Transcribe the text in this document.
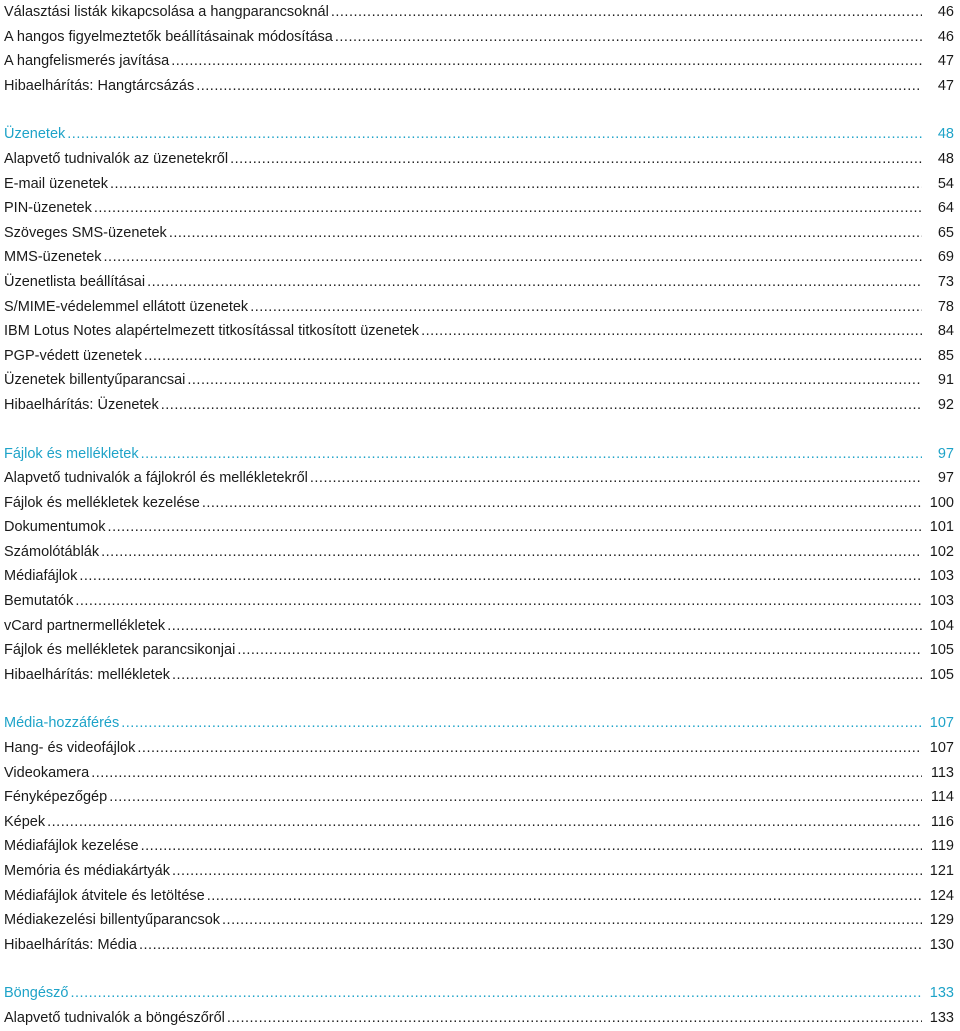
Választási listák kikapcsolása a hangparancsoknál .....	46
A hangos figyelmeztetők beállításainak módosítása .....	46
A hangfelismerés javítása .....	47
Hibaelhárítás: Hangtárcsázás .....	47
Üzenetek .....	48
Alapvető tudnivalók az üzenetekről .....	48
E-mail üzenetek .....	54
PIN-üzenetek .....	64
Szöveges SMS-üzenetek .....	65
MMS-üzenetek .....	69
Üzenetlista beállításai .....	73
S/MIME-védelemmel ellátott üzenetek .....	78
IBM Lotus Notes alapértelmezett titkosítással titkosított üzenetek .....	84
PGP-védett üzenetek .....	85
Üzenetek billentyűparancsai .....	91
Hibaelhárítás: Üzenetek .....	92
Fájlok és mellékletek .....	97
Alapvető tudnivalók a fájlokról és mellékletekről .....	97
Fájlok és mellékletek kezelése .....	100
Dokumentumok .....	101
Számolótáblák .....	102
Médiafájlok .....	103
Bemutatók .....	103
vCard partnermellékletek .....	104
Fájlok és mellékletek parancsikonjai .....	105
Hibaelhárítás: mellékletek .....	105
Média-hozzáférés .....	107
Hang- és videofájlok .....	107
Videokamera .....	113
Fényképezőgép .....	114
Képek .....	116
Médiafájlok kezelése .....	119
Memória és médiakártyák .....	121
Médiafájlok átvitele és letöltése .....	124
Médiakezelési billentyűparancsok .....	129
Hibaelhárítás: Média .....	130
Böngésző .....	133
Alapvető tudnivalók a böngészőről .....	133
